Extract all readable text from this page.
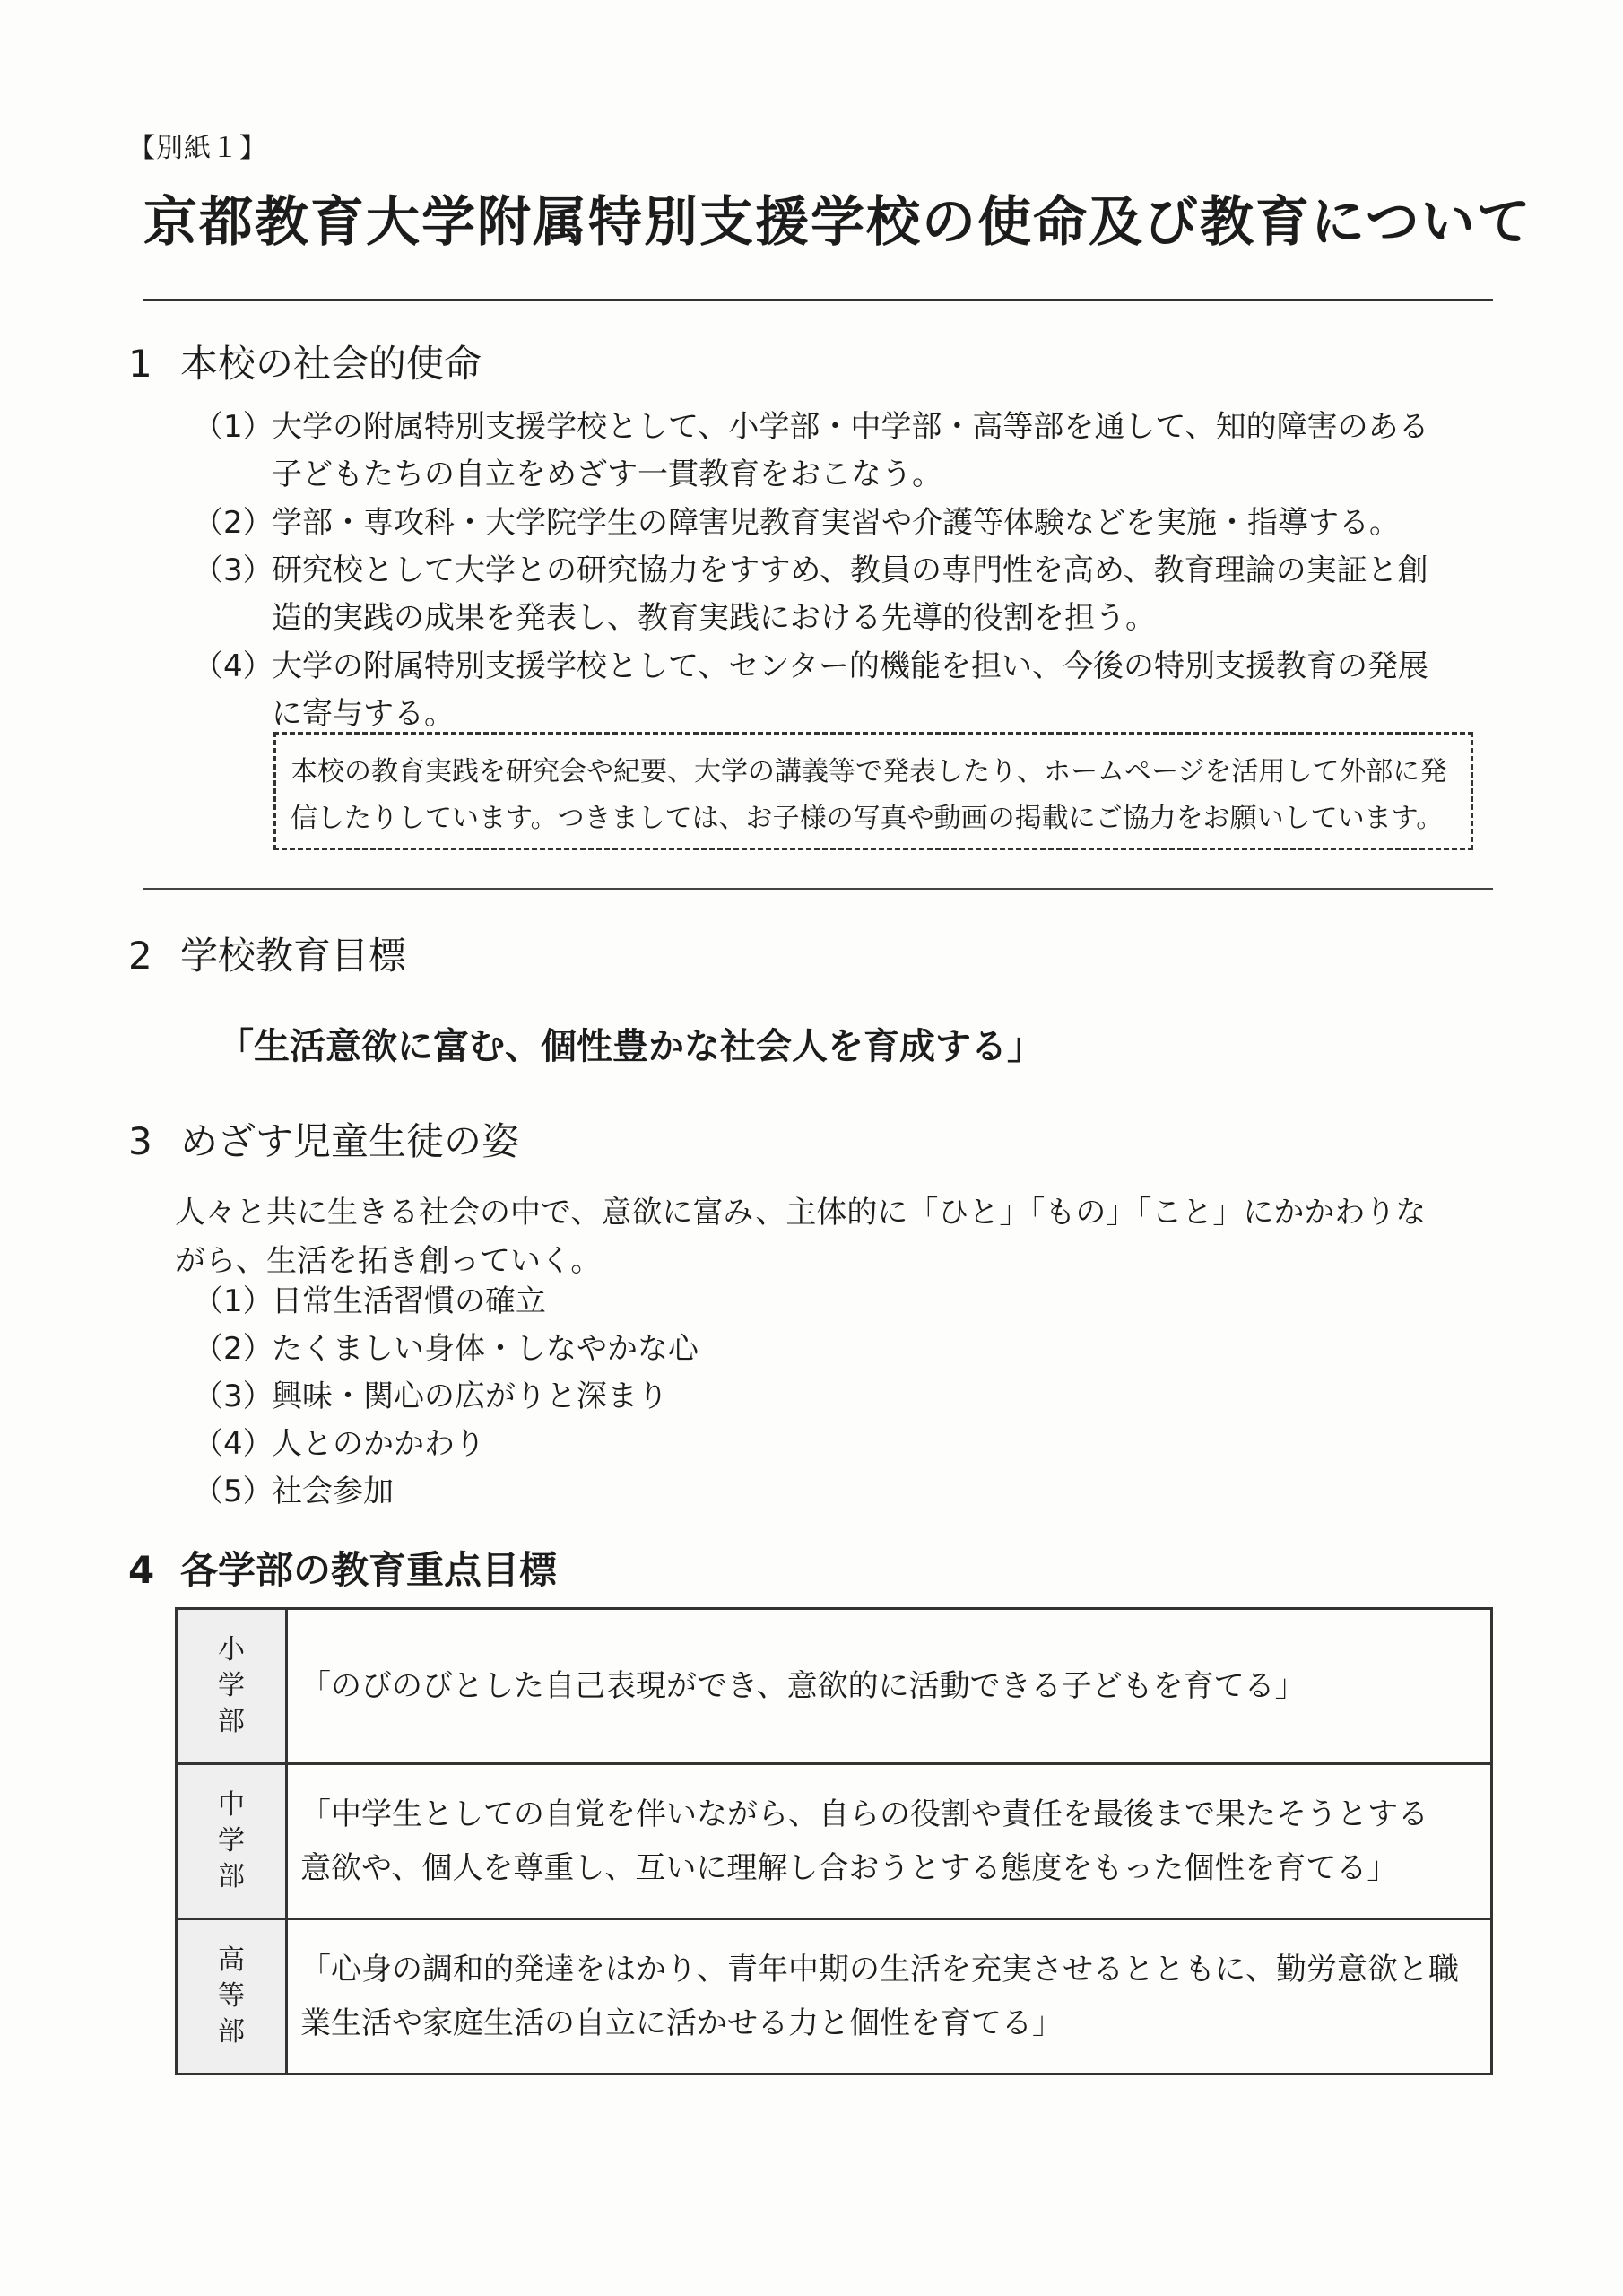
【別紙１】
京都教育大学附属特別支援学校の使命及び教育について
1 本校の社会的使命
（1）
大学の附属特別支援学校として、小学部・中学部・高等部を通して、知的障害のある
子どもたちの自立をめざす一貫教育をおこなう。
（2）
学部・専攻科・大学院学生の障害児教育実習や介護等体験などを実施・指導する。
（3）
研究校として大学との研究協力をすすめ、教員の専門性を高め、教育理論の実証と創
造的実践の成果を発表し、教育実践における先導的役割を担う。
（4）
大学の附属特別支援学校として、センター的機能を担い、今後の特別支援教育の発展
に寄与する。
本校の教育実践を研究会や紀要、大学の講義等で発表したり、ホームページを活用して外部に発
信したりしています。つきましては、お子様の写真や動画の掲載にご協力をお願いしています。
2 学校教育目標
「生活意欲に富む、個性豊かな社会人を育成する」
3 めざす児童生徒の姿
人々と共に生きる社会の中で、意欲に富み、主体的に「ひと」「もの」「こと」にかかわりな
がら、生活を拓き創っていく。
（1）
日常生活習慣の確立
（2）
たくましい身体・しなやかな心
（3）
興味・関心の広がりと深まり
（4）
人とのかかわり
（5）
社会参加
4 各学部の教育重点目標
小学部	「のびのびとした自己表現ができ、意欲的に活動できる子どもを育てる」
中学部	「中学生としての自覚を伴いながら、自らの役割や責任を最後まで果たそうとする
意欲や、個人を尊重し、互いに理解し合おうとする態度をもった個性を育てる」
高等部	「心身の調和的発達をはかり、青年中期の生活を充実させるとともに、勤労意欲と職
業生活や家庭生活の自立に活かせる力と個性を育てる」
